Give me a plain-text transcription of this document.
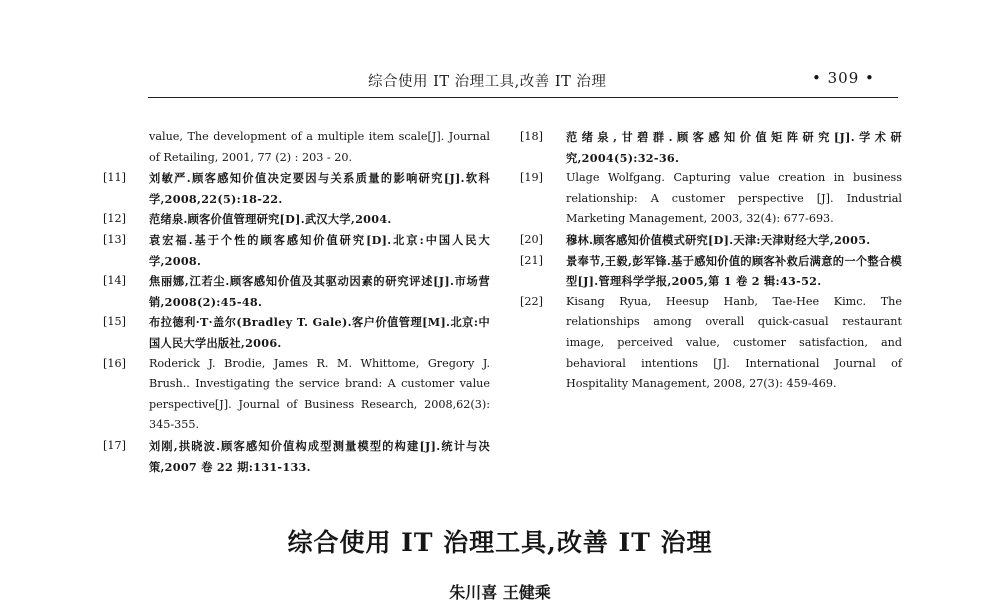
综合使用 IT 治理工具,改善 IT 治理	• 309 •
value, The development of a multiple item scale[J]. Journal of Retailing, 2001, 77 (2) : 203 - 20.
[11]	刘敏严.顾客感知价值决定要因与关系质量的影响研究[J].软科学,2008,22(5):18-22.
[12]	范绪泉.顾客价值管理研究[D].武汉大学,2004.
[13]	袁宏福.基于个性的顾客感知价值研究[D].北京:中国人民大学,2008.
[14]	焦丽娜,江若尘.顾客感知价值及其驱动因素的研究评述[J].市场营销,2008(2):45-48.
[15]	布拉德利·T·盖尔(Bradley T. Gale).客户价值管理[M].北京:中国人民大学出版社,2006.
[16]	Roderick J. Brodie, James R. M. Whittome, Gregory J. Brush.. Investigating the service brand: A customer value perspective[J]. Journal of Business Research, 2008,62(3): 345-355.
[17]	刘刚,拱晓波.顾客感知价值构成型测量模型的构建[J].统计与决策,2007 卷 22 期:131-133.
[18]	范绪泉,甘碧群.顾客感知价值矩阵研究[J].学术研究,2004(5):32-36.
[19]	Ulage Wolfgang. Capturing value creation in business relationship: A customer perspective [J]. Industrial Marketing Management, 2003, 32(4): 677-693.
[20]	穆林.顾客感知价值模式研究[D].天津:天津财经大学,2005.
[21]	景奉节,王毅,彭军锋.基于感知价值的顾客补救后满意的一个整合模型[J].管理科学学报,2005,第 1 卷 2 辑:43-52.
[22]	Kisang Ryua, Heesup Hanb, Tae-Hee Kimc. The relationships among overall quick-casual restaurant image, perceived value, customer satisfaction, and behavioral intentions [J]. International Journal of Hospitality Management, 2008, 27(3): 459-469.
综合使用 IT 治理工具,改善 IT 治理
朱川喜 王健乘
